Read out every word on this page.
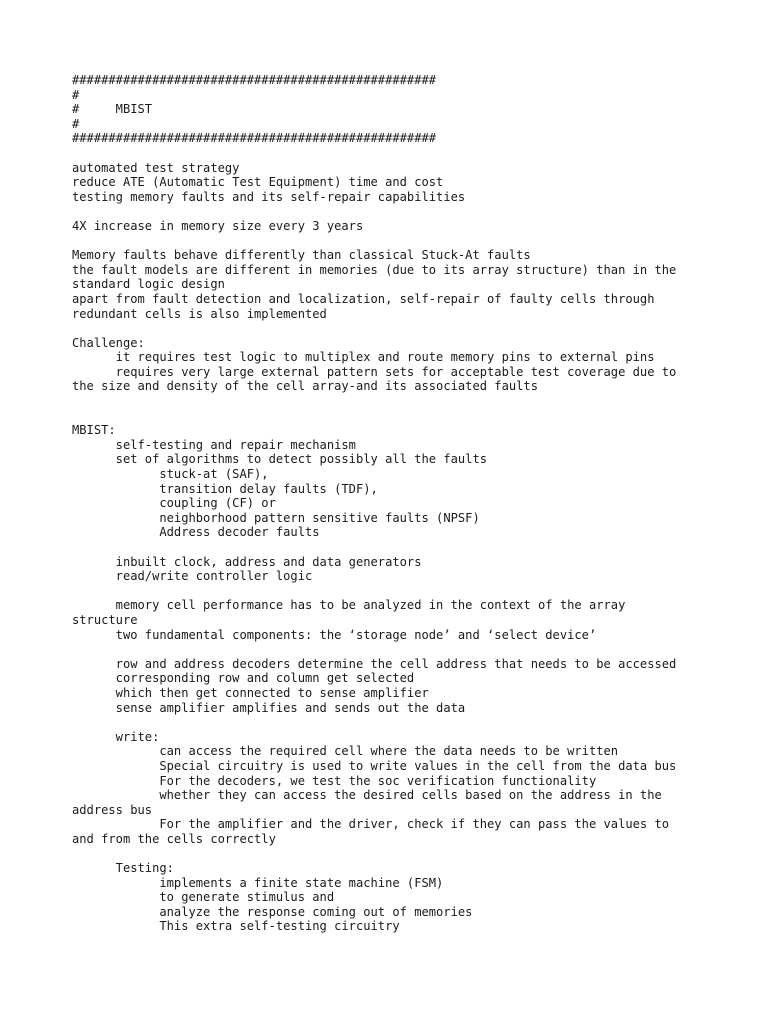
##################################################
#
#     MBIST
#
##################################################
automated test strategy
reduce ATE (Automatic Test Equipment) time and cost
testing memory faults and its self-repair capabilities
4X increase in memory size every 3 years
Memory faults behave differently than classical Stuck-At faults
the fault models are different in memories (due to its array structure) than in the
standard logic design
apart from fault detection and localization, self-repair of faulty cells through
redundant cells is also implemented
Challenge:
it requires test logic to multiplex and route memory pins to external pins
requires very large external pattern sets for acceptable test coverage due to
the size and density of the cell array-and its associated faults
MBIST:
self-testing and repair mechanism
set of algorithms to detect possibly all the faults
stuck-at (SAF),
transition delay faults (TDF),
coupling (CF) or
neighborhood pattern sensitive faults (NPSF)
Address decoder faults
inbuilt clock, address and data generators
read/write controller logic
memory cell performance has to be analyzed in the context of the array
structure
two fundamental components: the ‘storage node’ and ‘select device’
row and address decoders determine the cell address that needs to be accessed
corresponding row and column get selected
which then get connected to sense amplifier
sense amplifier amplifies and sends out the data
write:
can access the required cell where the data needs to be written
Special circuitry is used to write values in the cell from the data bus
For the decoders, we test the soc verification functionality
whether they can access the desired cells based on the address in the
address bus
For the amplifier and the driver, check if they can pass the values to
and from the cells correctly
Testing:
implements a finite state machine (FSM)
to generate stimulus and
analyze the response coming out of memories
This extra self-testing circuitry
